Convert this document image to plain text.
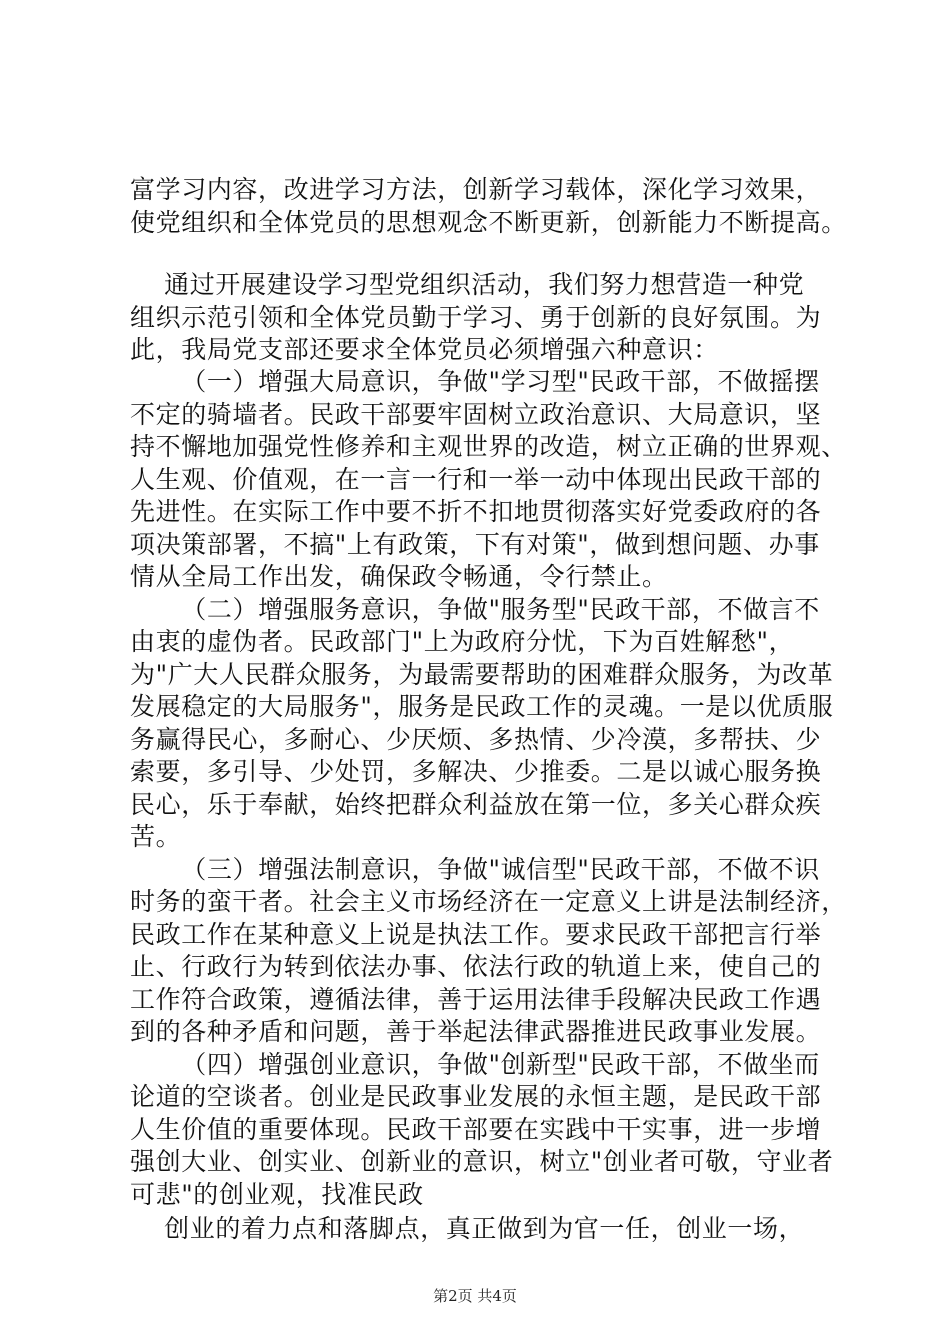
富学习内容，改进学习方法，创新学习载体，深化学习效果，
使党组织和全体党员的思想观念不断更新，创新能力不断提高。
通过开展建设学习型党组织活动，我们努力想营造一种党
组织示范引领和全体党员勤于学习、勇于创新的良好氛围。为
此，我局党支部还要求全体党员必须增强六种意识：
（一）增强大局意识，争做"学习型"民政干部，不做摇摆
不定的骑墙者。民政干部要牢固树立政治意识、大局意识，坚
持不懈地加强党性修养和主观世界的改造，树立正确的世界观、
人生观、价值观，在一言一行和一举一动中体现出民政干部的
先进性。在实际工作中要不折不扣地贯彻落实好党委政府的各
项决策部署，不搞"上有政策，下有对策"，做到想问题、办事
情从全局工作出发，确保政令畅通，令行禁止。
（二）增强服务意识，争做"服务型"民政干部，不做言不
由衷的虚伪者。民政部门"上为政府分忧，下为百姓解愁"，
为"广大人民群众服务，为最需要帮助的困难群众服务，为改革
发展稳定的大局服务"，服务是民政工作的灵魂。一是以优质服
务赢得民心，多耐心、少厌烦、多热情、少冷漠，多帮扶、少
索要，多引导、少处罚，多解决、少推委。二是以诚心服务换
民心，乐于奉献，始终把群众利益放在第一位，多关心群众疾
苦。
（三）增强法制意识，争做"诚信型"民政干部，不做不识
时务的蛮干者。社会主义市场经济在一定意义上讲是法制经济，
民政工作在某种意义上说是执法工作。要求民政干部把言行举
止、行政行为转到依法办事、依法行政的轨道上来，使自己的
工作符合政策，遵循法律，善于运用法律手段解决民政工作遇
到的各种矛盾和问题，善于举起法律武器推进民政事业发展。
（四）增强创业意识，争做"创新型"民政干部，不做坐而
论道的空谈者。创业是民政事业发展的永恒主题，是民政干部
人生价值的重要体现。民政干部要在实践中干实事，进一步增
强创大业、创实业、创新业的意识，树立"创业者可敬，守业者
可悲"的创业观，找准民政
创业的着力点和落脚点，真正做到为官一任，创业一场，
第2页 共4页
